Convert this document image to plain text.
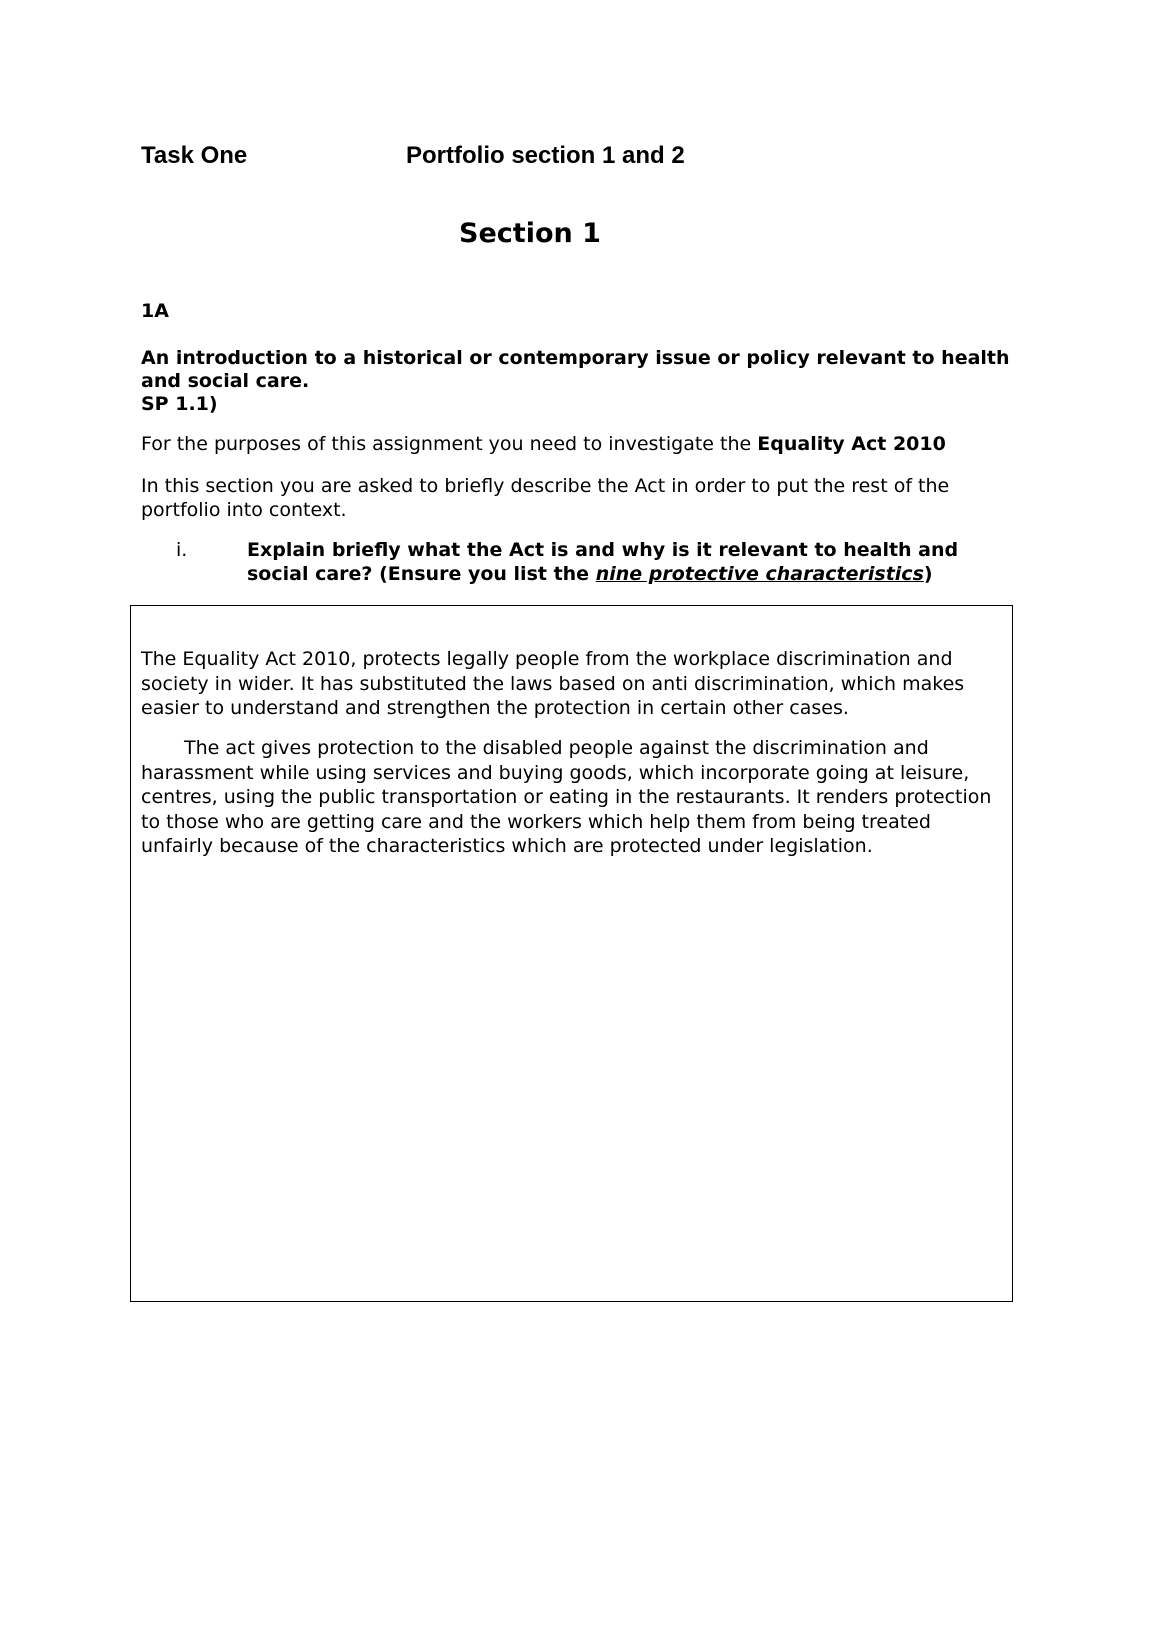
Task One	Portfolio section 1 and 2
Section 1
1A
An introduction to a historical or contemporary issue or policy relevant to health and social care.
SP 1.1)
For the purposes of this assignment you need to investigate the Equality Act 2010
In this section you are asked to briefly describe the Act in order to put the rest of the portfolio into context.
i.	Explain briefly what the Act is and why is it relevant to health and social care? (Ensure you list the nine protective characteristics)
The Equality Act 2010, protects legally people from the workplace discrimination and society in wider. It has substituted the laws based on anti discrimination, which makes easier to understand and strengthen the protection in certain other cases.
The act gives protection to the disabled people against the discrimination and harassment while using services and buying goods, which incorporate going at leisure, centres, using the public transportation or eating in the restaurants. It renders protection to those who are getting care and the workers which help them from being treated unfairly because of the characteristics which are protected under legislation.
